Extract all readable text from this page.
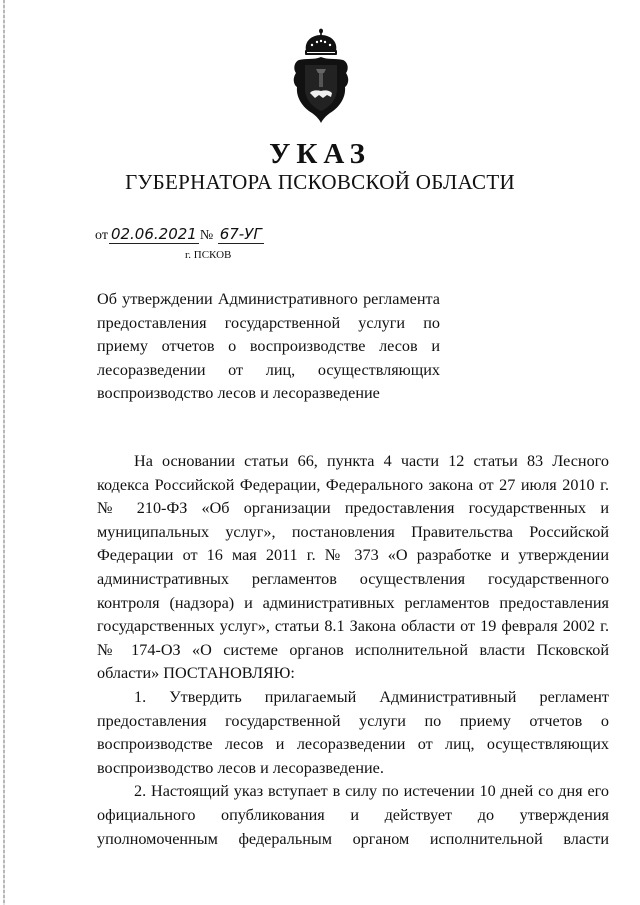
УКАЗ
ГУБЕРНАТОРА ПСКОВСКОЙ ОБЛАСТИ
от 02.06.2021 № 67-УГ
г. ПСКОВ
Об утверждении Административного регламента предоставления государственной услуги по приему отчетов о воспроизводстве лесов и лесоразведении от лиц, осуществляющих воспроизводство лесов и лесоразведение

На основании статьи 66, пункта 4 части 12 статьи 83 Лесного кодекса Российской Федерации, Федерального закона от 27 июля 2010 г. № 210-ФЗ «Об организации предоставления государственных и муниципальных услуг», постановления Правительства Российской Федерации от 16 мая 2011 г. № 373 «О разработке и утверждении административных регламентов осуществления государственного контроля (надзора) и административных регламентов предоставления государственных услуг», статьи 8.1 Закона области от 19 февраля 2002 г. № 174-ОЗ «О системе органов исполнительной власти Псковской области» ПОСТАНОВЛЯЮ:

1. Утвердить прилагаемый Административный регламент предоставления государственной услуги по приему отчетов о воспроизводстве лесов и лесоразведении от лиц, осуществляющих воспроизводство лесов и лесоразведение.

2. Настоящий указ вступает в силу по истечении 10 дней со дня его официального опубликования и действует до утверждения уполномоченным федеральным органом исполнительной власти
